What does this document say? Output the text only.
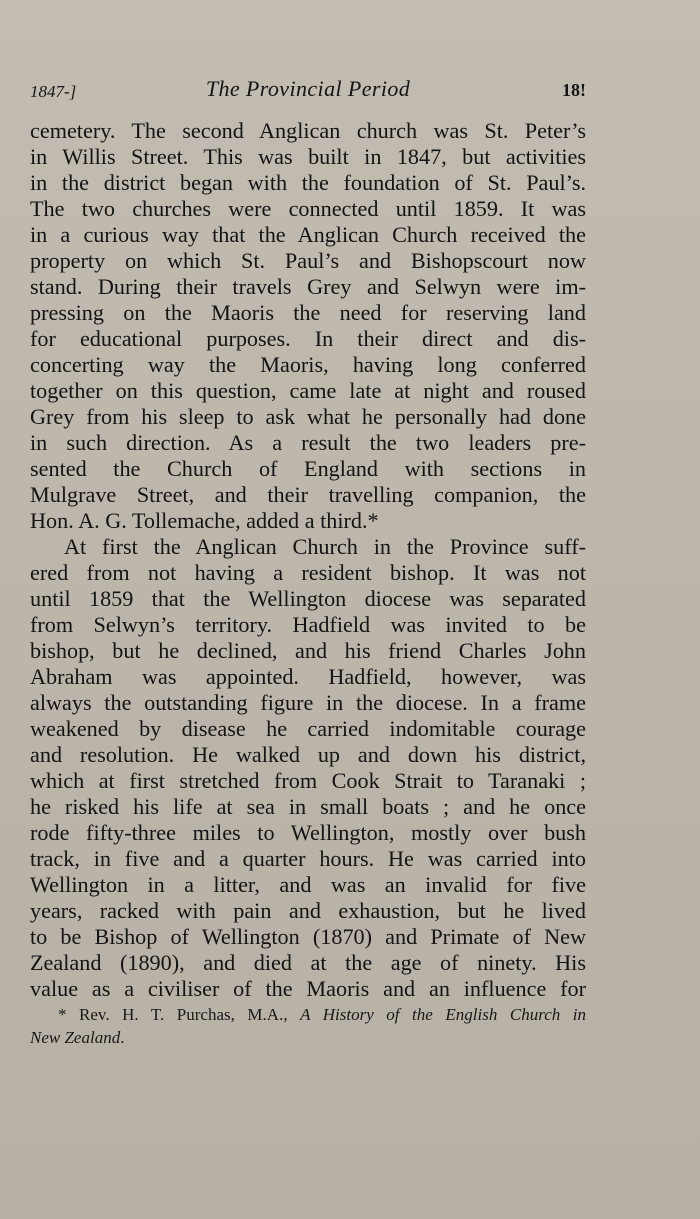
1847-]	The Provincial Period	18!
cemetery. The second Anglican church was St. Peter’s
in Willis Street. This was built in 1847, but activities
in the district began with the foundation of St. Paul’s.
The two churches were connected until 1859. It was
in a curious way that the Anglican Church received the
property on which St. Paul’s and Bishopscourt now
stand. During their travels Grey and Selwyn were im-
pressing on the Maoris the need for reserving land
for educational purposes. In their direct and dis-
concerting way the Maoris, having long conferred
together on this question, came late at night and roused
Grey from his sleep to ask what he personally had done
in such direction. As a result the two leaders pre-
sented the Church of England with sections in
Mulgrave Street, and their travelling companion, the
Hon. A. G. Tollemache, added a third.*
At first the Anglican Church in the Province suff-
ered from not having a resident bishop. It was not
until 1859 that the Wellington diocese was separated
from Selwyn’s territory. Hadfield was invited to be
bishop, but he declined, and his friend Charles John
Abraham was appointed. Hadfield, however, was
always the outstanding figure in the diocese. In a frame
weakened by disease he carried indomitable courage
and resolution. He walked up and down his district,
which at first stretched from Cook Strait to Taranaki ;
he risked his life at sea in small boats ; and he once
rode fifty-three miles to Wellington, mostly over bush
track, in five and a quarter hours. He was carried into
Wellington in a litter, and was an invalid for five
years, racked with pain and exhaustion, but he lived
to be Bishop of Wellington (1870) and Primate of New
Zealand (1890), and died at the age of ninety. His
value as a civiliser of the Maoris and an influence for
* Rev. H. T. Purchas, M.A., A History of the English Church in
New Zealand.
